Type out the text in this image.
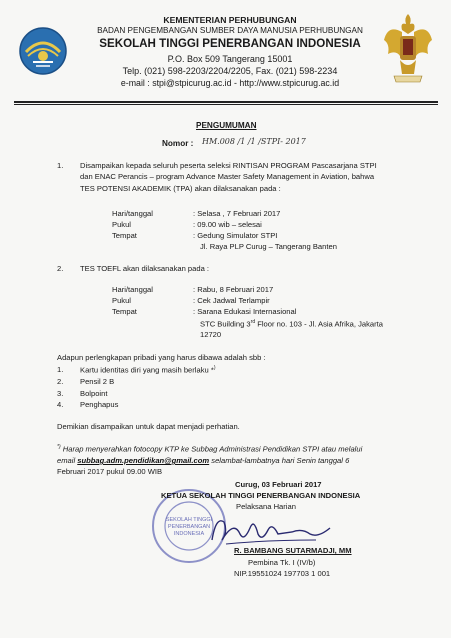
KEMENTERIAN PERHUBUNGAN
BADAN PENGEMBANGAN SUMBER DAYA MANUSIA PERHUBUNGAN
SEKOLAH TINGGI PENERBANGAN INDONESIA
P.O. Box 509 Tangerang 15001
Telp. (021) 598-2203/2204/2205, Fax. (021) 598-2234
e-mail : stpi@stpicurug.ac.id - http://www.stpicurug.ac.id
PENGUMUMAN
Nomor : HM.008 /1 /1 /STPI- 2017
1. Disampaikan kepada seluruh peserta seleksi RINTISAN PROGRAM Pascasarjana STPI
dan ENAC Perancis – program Advance Master Safety Management in Aviation, bahwa
TES POTENSI AKADEMIK (TPA) akan dilaksanakan pada :
Hari/tanggal	: Selasa , 7 Februari 2017
Pukul	: 09.00 wib – selesai
Tempat	: Gedung Simulator STPI
Jl. Raya PLP Curug – Tangerang Banten
2. TES TOEFL akan dilaksanakan pada :
Hari/tanggal	: Rabu, 8 Februari 2017
Pukul	: Cek Jadwal Terlampir
Tempat	: Sarana Edukasi Internasional
STC Building 3rd Floor no. 103 - Jl. Asia Afrika, Jakarta
12720
Adapun perlengkapan pribadi yang harus dibawa adalah sbb :
1. Kartu identitas diri yang masih berlaku *)
2. Pensil 2 B
3. Bolpoint
4. Penghapus
Demikian disampaikan untuk dapat menjadi perhatian.
*) Harap menyerahkan fotocopy KTP ke Subbag Administrasi Pendidikan STPI atau melalui
email subbag.adm.pendidikan@gmail.com selambat-lambatnya hari Senin tanggal 6
Februari 2017 pukul 09.00 WIB
SEKOLAH TINGGI
PENERBANGAN
INDONESIA
Curug, 03 Februari 2017
KETUA SEKOLAH TINGGI PENERBANGAN INDONESIA
Pelaksana Harian
R. BAMBANG SUTARMADJI, MM
Pembina Tk. I (IV/b)
NIP.19551024 197703 1 001
